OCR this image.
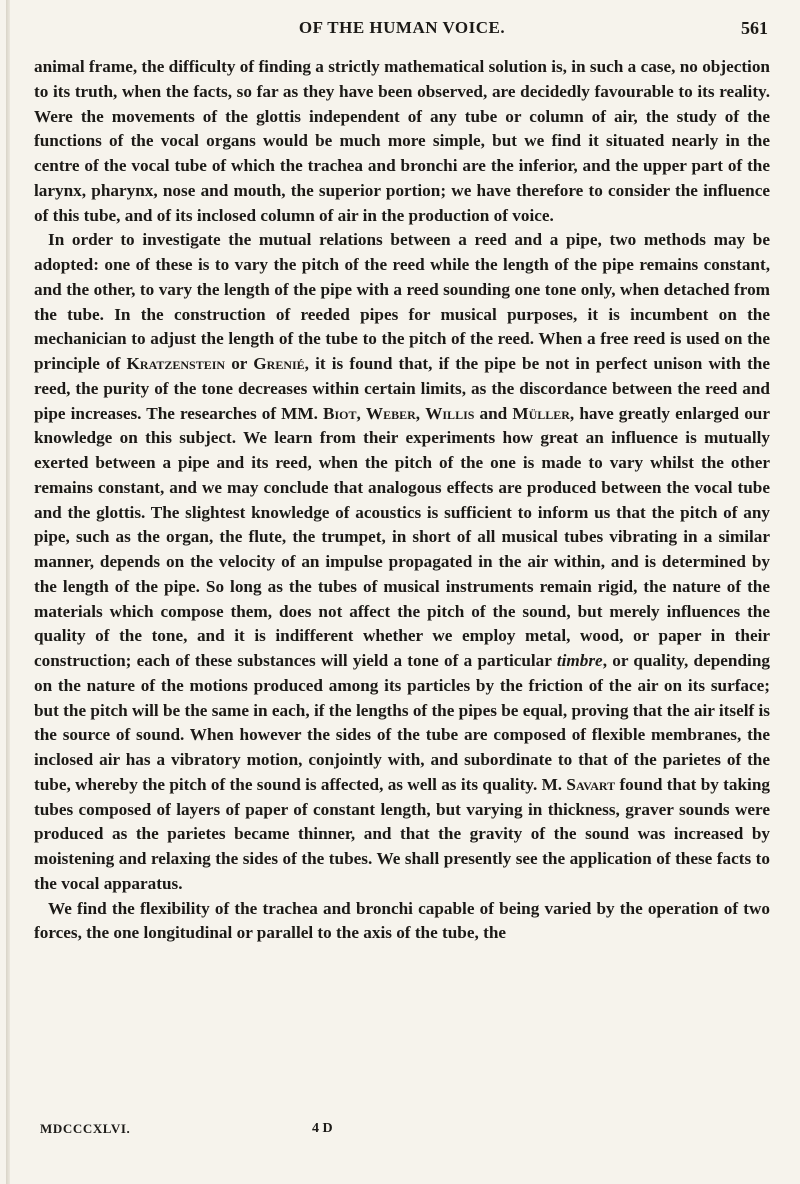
OF THE HUMAN VOICE.	561

animal frame, the difficulty of finding a strictly mathematical solution is, in such a case, no objection to its truth, when the facts, so far as they have been observed, are decidedly favourable to its reality. Were the movements of the glottis independent of any tube or column of air, the study of the functions of the vocal organs would be much more simple, but we find it situated nearly in the centre of the vocal tube of which the trachea and bronchi are the inferior, and the upper part of the larynx, pharynx, nose and mouth, the superior portion; we have therefore to consider the influence of this tube, and of its inclosed column of air in the production of voice.

In order to investigate the mutual relations between a reed and a pipe, two methods may be adopted: one of these is to vary the pitch of the reed while the length of the pipe remains constant, and the other, to vary the length of the pipe with a reed sounding one tone only, when detached from the tube. In the construction of reeded pipes for musical purposes, it is incumbent on the mechanician to adjust the length of the tube to the pitch of the reed. When a free reed is used on the principle of Kratzenstein or Grenié, it is found that, if the pipe be not in perfect unison with the reed, the purity of the tone decreases within certain limits, as the discordance between the reed and pipe increases. The researches of MM. Biot, Weber, Willis and Müller, have greatly enlarged our knowledge on this subject. We learn from their experiments how great an influence is mutually exerted between a pipe and its reed, when the pitch of the one is made to vary whilst the other remains constant, and we may conclude that analogous effects are produced between the vocal tube and the glottis. The slightest knowledge of acoustics is sufficient to inform us that the pitch of any pipe, such as the organ, the flute, the trumpet, in short of all musical tubes vibrating in a similar manner, depends on the velocity of an impulse propagated in the air within, and is determined by the length of the pipe. So long as the tubes of musical instruments remain rigid, the nature of the materials which compose them, does not affect the pitch of the sound, but merely influences the quality of the tone, and it is indifferent whether we employ metal, wood, or paper in their construction; each of these substances will yield a tone of a particular timbre, or quality, depending on the nature of the motions produced among its particles by the friction of the air on its surface; but the pitch will be the same in each, if the lengths of the pipes be equal, proving that the air itself is the source of sound. When however the sides of the tube are composed of flexible membranes, the inclosed air has a vibratory motion, conjointly with, and subordinate to that of the parietes of the tube, whereby the pitch of the sound is affected, as well as its quality. M. Savart found that by taking tubes composed of layers of paper of constant length, but varying in thickness, graver sounds were produced as the parietes became thinner, and that the gravity of the sound was increased by moistening and relaxing the sides of the tubes. We shall presently see the application of these facts to the vocal apparatus.

We find the flexibility of the trachea and bronchi capable of being varied by the operation of two forces, the one longitudinal or parallel to the axis of the tube, the

MDCCCXLVI.	4 D
